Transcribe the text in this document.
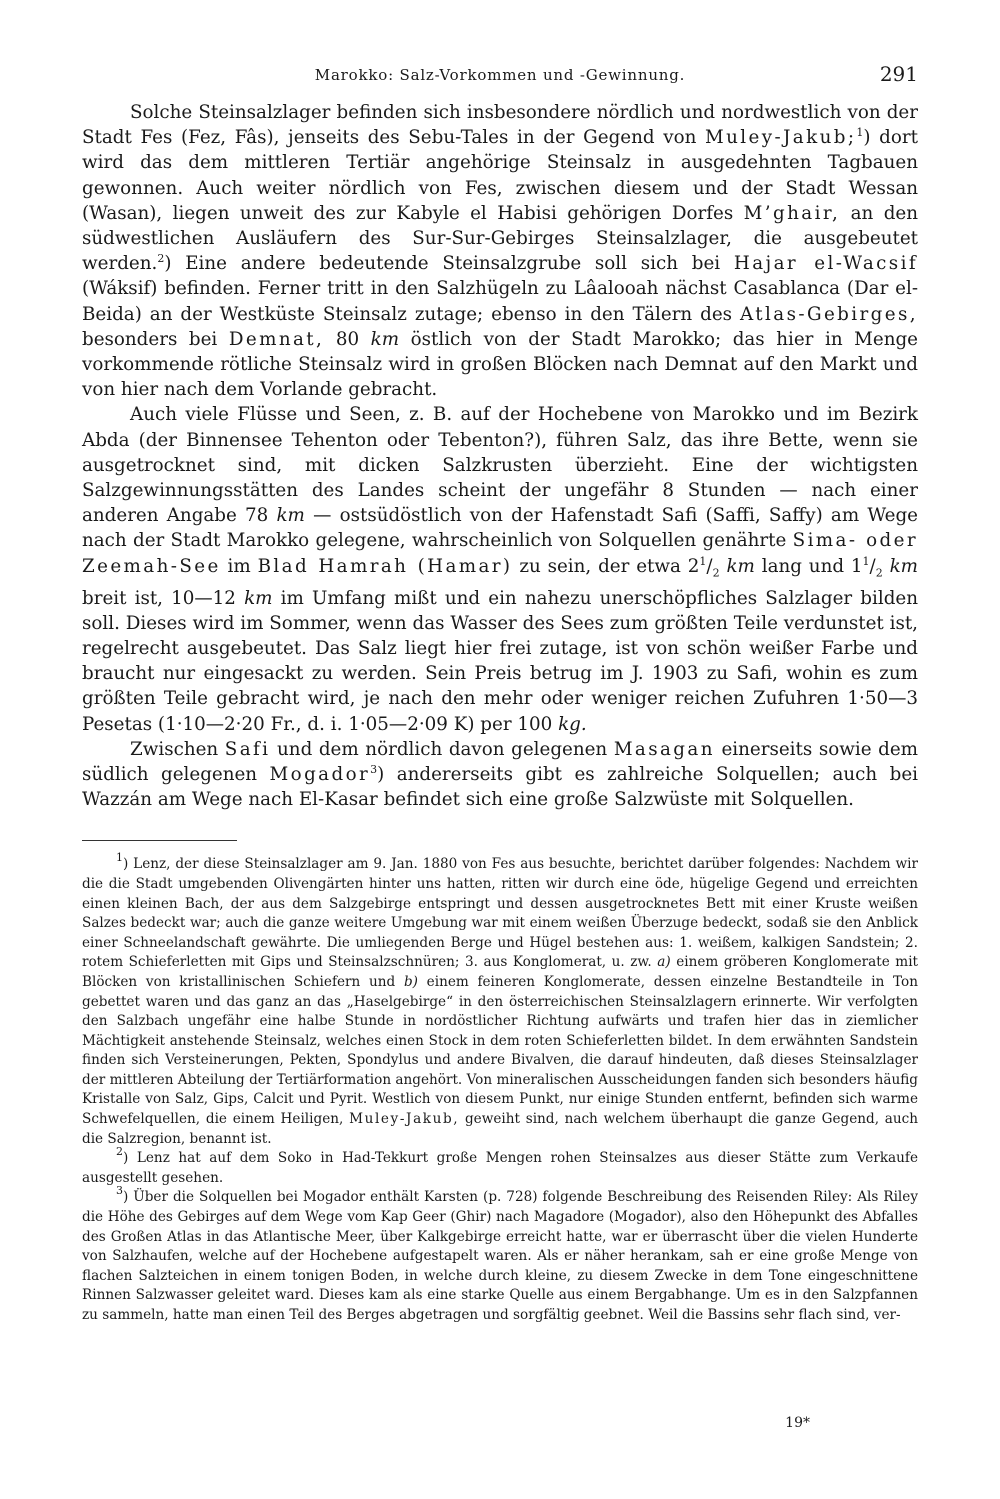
Marokko: Salz-Vorkommen und -Gewinnung.	291

Solche Steinsalzlager befinden sich insbesondere nördlich und nordwestlich von der Stadt Fes (Fez, Fâs), jenseits des Sebu-Tales in der Gegend von Muley-Jakub;$^1$) dort wird das dem mittleren Tertiär angehörige Steinsalz in ausgedehnten Tagbauen gewonnen. Auch weiter nördlich von Fes, zwischen diesem und der Stadt Wessan (Wasan), liegen unweit des zur Kabyle el Habisi gehörigen Dorfes M’ghair, an den südwestlichen Ausläufern des Sur-Sur-Gebirges Steinsalzlager, die ausgebeutet werden.$^2$) Eine andere bedeutende Steinsalzgrube soll sich bei Hajar el-Wacsif (Wáksif) befinden. Ferner tritt in den Salzhügeln zu Lâalooah nächst Casablanca (Dar el-Beida) an der Westküste Steinsalz zutage; ebenso in den Tälern des Atlas-Gebirges, besonders bei Demnat, 80 km östlich von der Stadt Marokko; das hier in Menge vorkommende rötliche Steinsalz wird in großen Blöcken nach Demnat auf den Markt und von hier nach dem Vorlande gebracht.

Auch viele Flüsse und Seen, z. B. auf der Hochebene von Marokko und im Bezirk Abda (der Binnensee Tehenton oder Tebenton?), führen Salz, das ihre Bette, wenn sie ausgetrocknet sind, mit dicken Salzkrusten überzieht. Eine der wichtigsten Salzgewinnungsstätten des Landes scheint der ungefähr 8 Stunden — nach einer anderen Angabe 78 km — ostsüdöstlich von der Hafenstadt Safi (Saffi, Saffy) am Wege nach der Stadt Marokko gelegene, wahrscheinlich von Solquellen genährte Sima- oder Zeemah-See im Blad Hamrah (Hamar) zu sein, der etwa $2^1/_2$ km lang und $1^1/_2$ km breit ist, 10—12 km im Umfang mißt und ein nahezu unerschöpfliches Salzlager bilden soll. Dieses wird im Sommer, wenn das Wasser des Sees zum größten Teile verdunstet ist, regelrecht ausgebeutet. Das Salz liegt hier frei zutage, ist von schön weißer Farbe und braucht nur eingesackt zu werden. Sein Preis betrug im J. 1903 zu Safi, wohin es zum größten Teile gebracht wird, je nach den mehr oder weniger reichen Zufuhren 1·50—3 Pesetas (1·10—2·20 Fr., d. i. 1·05—2·09 K) per 100 kg.

Zwischen Safi und dem nördlich davon gelegenen Masagan einerseits sowie dem südlich gelegenen Mogador$^3$) andererseits gibt es zahlreiche Solquellen; auch bei Wazzán am Wege nach El-Kasar befindet sich eine große Salzwüste mit Solquellen.

$^1$) Lenz, der diese Steinsalzlager am 9. Jan. 1880 von Fes aus besuchte, berichtet darüber folgendes: Nachdem wir die die Stadt umgebenden Olivengärten hinter uns hatten, ritten wir durch eine öde, hügelige Gegend und erreichten einen kleinen Bach, der aus dem Salzgebirge entspringt und dessen ausgetrocknetes Bett mit einer Kruste weißen Salzes bedeckt war; auch die ganze weitere Umgebung war mit einem weißen Überzuge bedeckt, sodaß sie den Anblick einer Schneelandschaft gewährte. Die umliegenden Berge und Hügel bestehen aus: 1. weißem, kalkigen Sandstein; 2. rotem Schieferletten mit Gips und Steinsalzschnüren; 3. aus Konglomerat, u. zw. a) einem gröberen Konglomerate mit Blöcken von kristallinischen Schiefern und b) einem feineren Konglomerate, dessen einzelne Bestandteile in Ton gebettet waren und das ganz an das „Haselgebirge“ in den österreichischen Steinsalzlagern erinnerte. Wir verfolgten den Salzbach ungefähr eine halbe Stunde in nordöstlicher Richtung aufwärts und trafen hier das in ziemlicher Mächtigkeit anstehende Steinsalz, welches einen Stock in dem roten Schieferletten bildet. In dem erwähnten Sandstein finden sich Versteinerungen, Pekten, Spondylus und andere Bivalven, die darauf hindeuten, daß dieses Steinsalzlager der mittleren Abteilung der Tertiärformation angehört. Von mineralischen Ausscheidungen fanden sich besonders häufig Kristalle von Salz, Gips, Calcit und Pyrit. Westlich von diesem Punkt, nur einige Stunden entfernt, befinden sich warme Schwefelquellen, die einem Heiligen, Muley-Jakub, geweiht sind, nach welchem überhaupt die ganze Gegend, auch die Salzregion, benannt ist.

$^2$) Lenz hat auf dem Soko in Had-Tekkurt große Mengen rohen Steinsalzes aus dieser Stätte zum Verkaufe ausgestellt gesehen.

$^3$) Über die Solquellen bei Mogador enthält Karsten (p. 728) folgende Beschreibung des Reisenden Riley: Als Riley die Höhe des Gebirges auf dem Wege vom Kap Geer (Ghir) nach Magadore (Mogador), also den Höhepunkt des Abfalles des Großen Atlas in das Atlantische Meer, über Kalkgebirge erreicht hatte, war er überrascht über die vielen Hunderte von Salzhaufen, welche auf der Hochebene aufgestapelt waren. Als er näher herankam, sah er eine große Menge von flachen Salzteichen in einem tonigen Boden, in welche durch kleine, zu diesem Zwecke in dem Tone eingeschnittene Rinnen Salzwasser geleitet ward. Dieses kam als eine starke Quelle aus einem Bergabhange. Um es in den Salzpfannen zu sammeln, hatte man einen Teil des Berges abgetragen und sorgfältig geebnet. Weil die Bassins sehr flach sind, ver-

19*
